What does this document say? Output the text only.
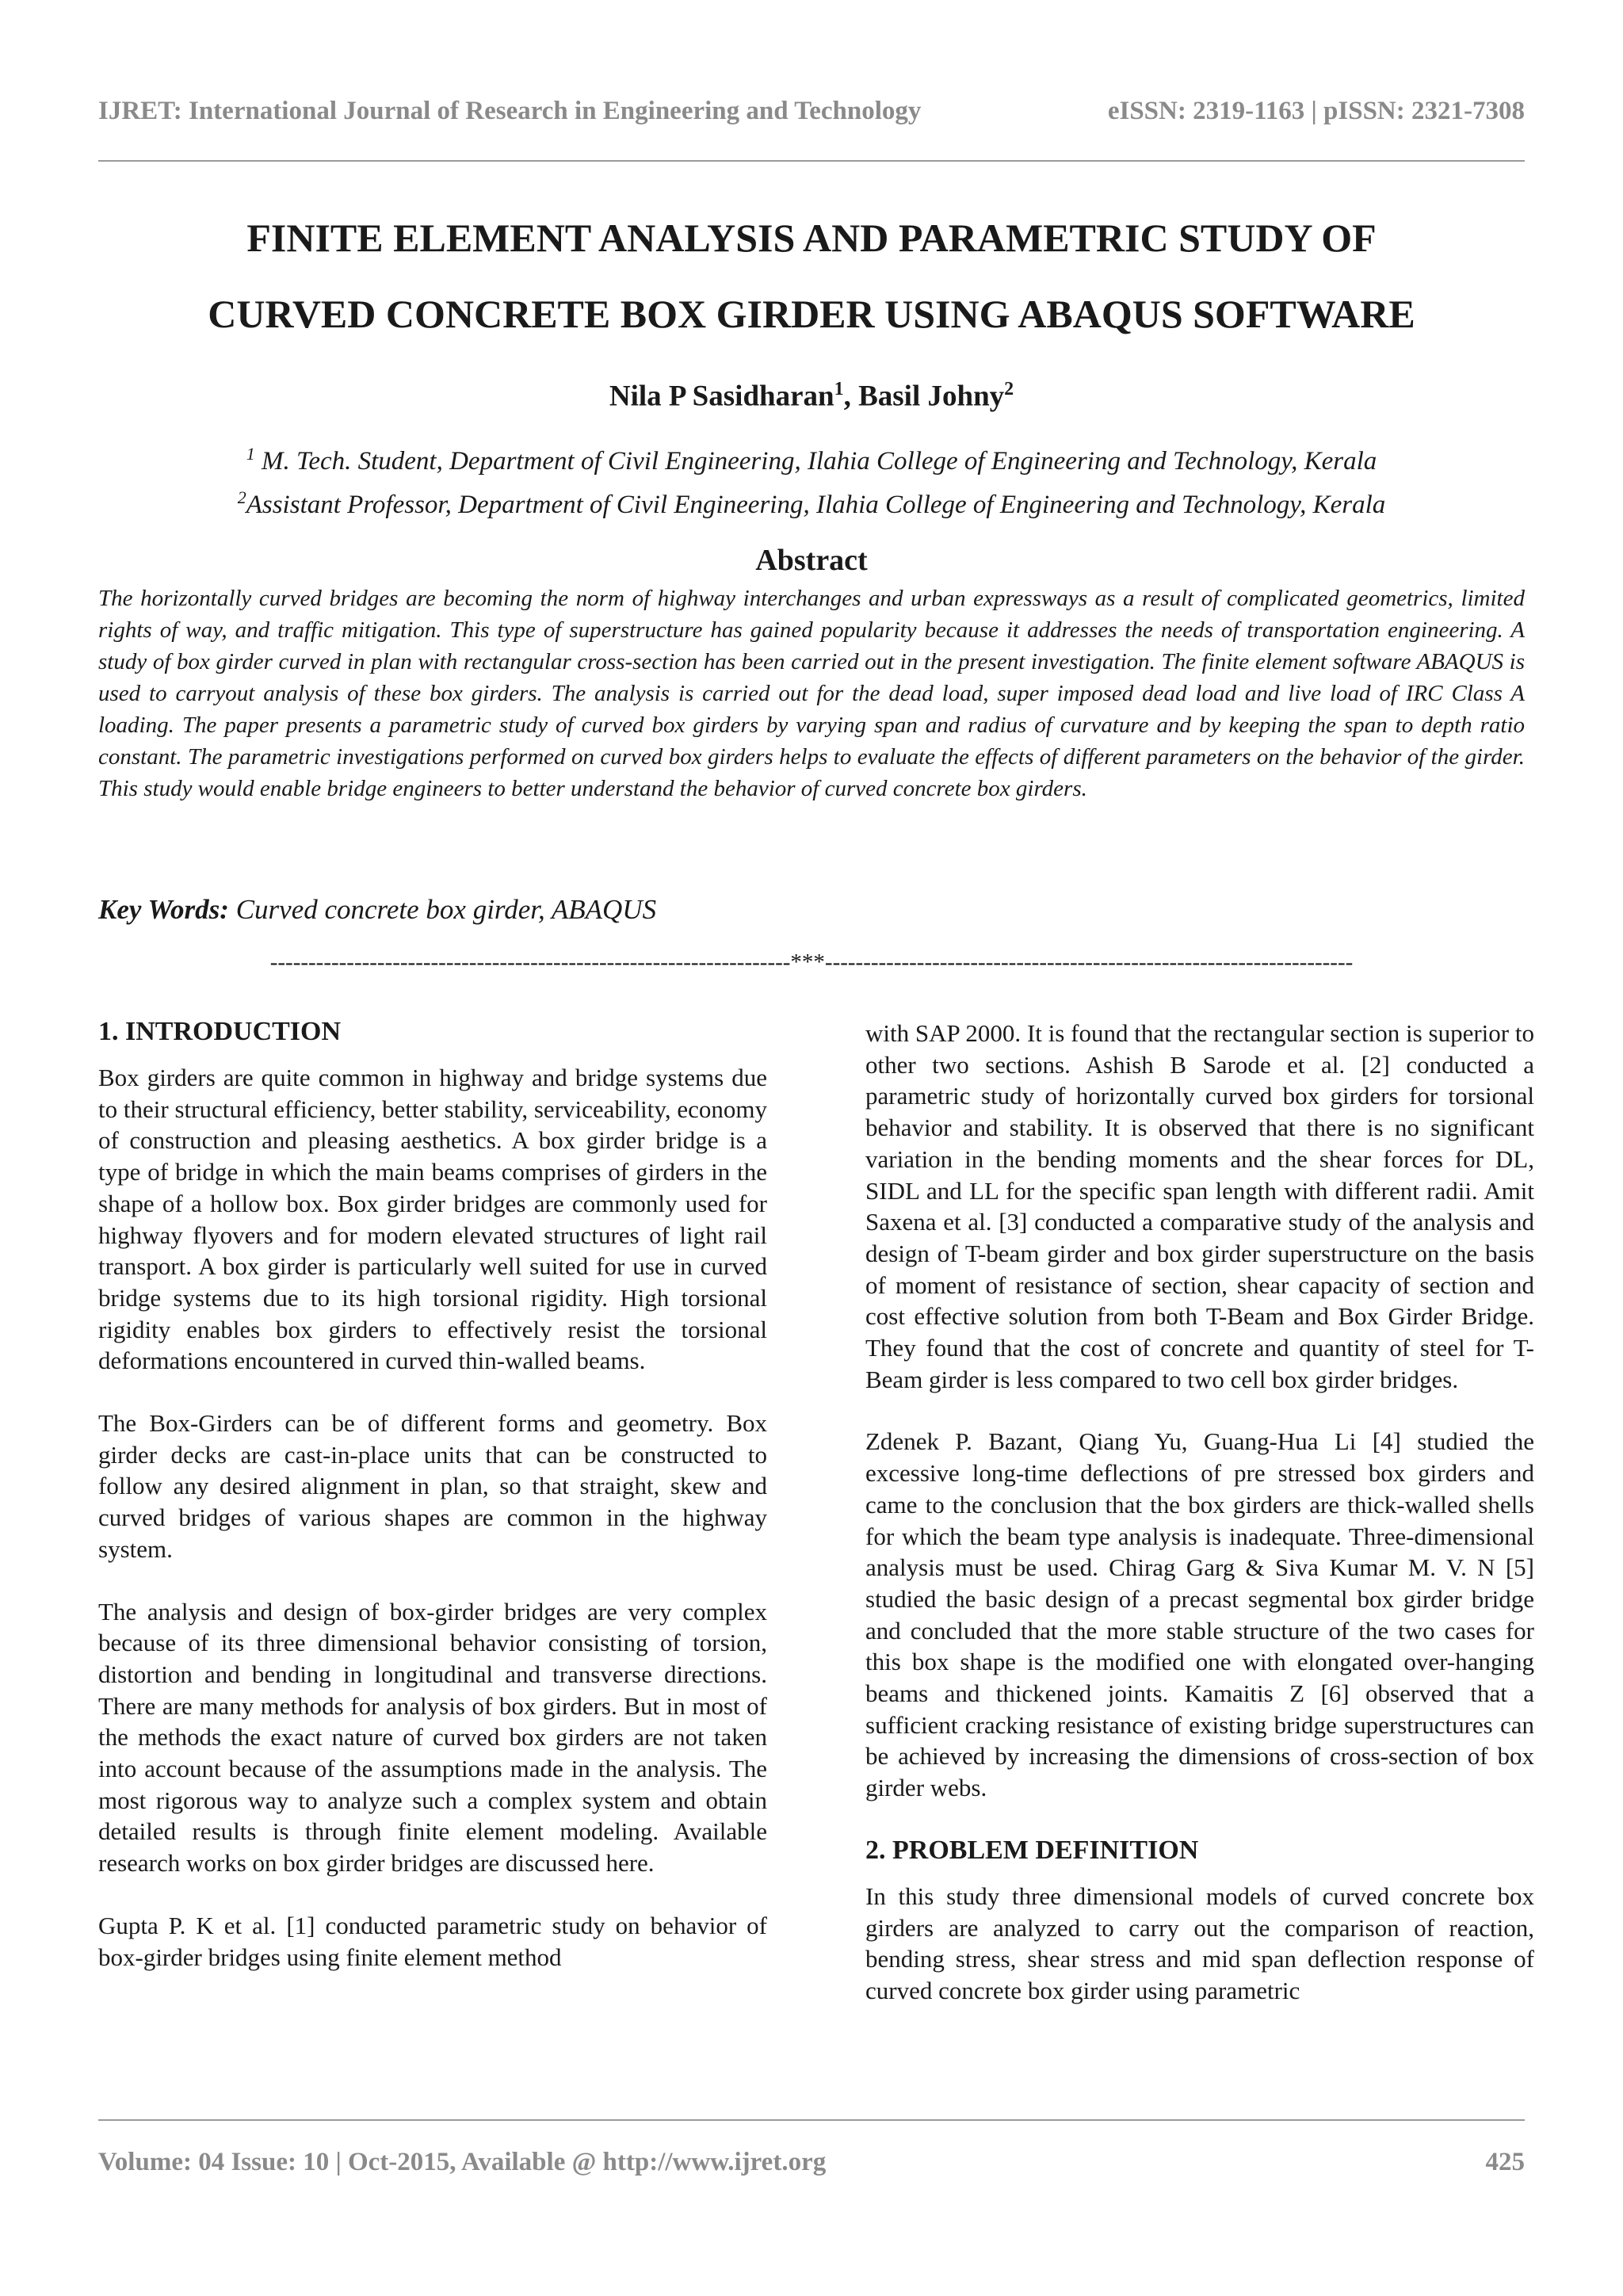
IJRET: International Journal of Research in Engineering and Technology	eISSN: 2319-1163 | pISSN: 2321-7308
FINITE ELEMENT ANALYSIS AND PARAMETRIC STUDY OF
CURVED CONCRETE BOX GIRDER USING ABAQUS SOFTWARE
Nila P Sasidharan$^1$, Basil Johny$^2$
$^1$ M. Tech. Student, Department of Civil Engineering, Ilahia College of Engineering and Technology, Kerala
$^2$Assistant Professor, Department of Civil Engineering, Ilahia College of Engineering and Technology, Kerala
Abstract
The horizontally curved bridges are becoming the norm of highway interchanges and urban expressways as a result of complicated geometrics, limited rights of way, and traffic mitigation. This type of superstructure has gained popularity because it addresses the needs of transportation engineering. A study of box girder curved in plan with rectangular cross-section has been carried out in the present investigation. The finite element software ABAQUS is used to carryout analysis of these box girders. The analysis is carried out for the dead load, super imposed dead load and live load of IRC Class A loading. The paper presents a parametric study of curved box girders by varying span and radius of curvature and by keeping the span to depth ratio constant. The parametric investigations performed on curved box girders helps to evaluate the effects of different parameters on the behavior of the girder. This study would enable bridge engineers to better understand the behavior of curved concrete box girders.
Key Words: Curved concrete box girder, ABAQUS
--------------------------------------------------------------------***---------------------------------------------------------------------
1. INTRODUCTION

Box girders are quite common in highway and bridge systems due to their structural efficiency, better stability, serviceability, economy of construction and pleasing aesthetics. A box girder bridge is a type of bridge in which the main beams comprises of girders in the shape of a hollow box. Box girder bridges are commonly used for highway flyovers and for modern elevated structures of light rail transport. A box girder is particularly well suited for use in curved bridge systems due to its high torsional rigidity. High torsional rigidity enables box girders to effectively resist the torsional deformations encountered in curved thin-walled beams.

The Box-Girders can be of different forms and geometry. Box girder decks are cast-in-place units that can be constructed to follow any desired alignment in plan, so that straight, skew and curved bridges of various shapes are common in the highway system.

The analysis and design of box-girder bridges are very complex because of its three dimensional behavior consisting of torsion, distortion and bending in longitudinal and transverse directions. There are many methods for analysis of box girders. But in most of the methods the exact nature of curved box girders are not taken into account because of the assumptions made in the analysis. The most rigorous way to analyze such a complex system and obtain detailed results is through finite element modeling. Available research works on box girder bridges are discussed here.

Gupta P. K et al. [1] conducted parametric study on behavior of box-girder bridges using finite element method

with SAP 2000. It is found that the rectangular section is superior to other two sections. Ashish B Sarode et al. [2] conducted a parametric study of horizontally curved box girders for torsional behavior and stability. It is observed that there is no significant variation in the bending moments and the shear forces for DL, SIDL and LL for the specific span length with different radii. Amit Saxena et al. [3] conducted a comparative study of the analysis and design of T-beam girder and box girder superstructure on the basis of moment of resistance of section, shear capacity of section and cost effective solution from both T-Beam and Box Girder Bridge. They found that the cost of concrete and quantity of steel for T- Beam girder is less compared to two cell box girder bridges.

Zdenek P. Bazant, Qiang Yu, Guang-Hua Li [4] studied the excessive long-time deflections of pre stressed box girders and came to the conclusion that the box girders are thick-walled shells for which the beam type analysis is inadequate. Three-dimensional analysis must be used. Chirag Garg & Siva Kumar M. V. N [5] studied the basic design of a precast segmental box girder bridge and concluded that the more stable structure of the two cases for this box shape is the modified one with elongated over-hanging beams and thickened joints. Kamaitis Z [6] observed that a sufficient cracking resistance of existing bridge superstructures can be achieved by increasing the dimensions of cross-section of box girder webs.

2. PROBLEM DEFINITION

In this study three dimensional models of curved concrete box girders are analyzed to carry out the comparison of reaction, bending stress, shear stress and mid span deflection response of curved concrete box girder using parametric

Volume: 04 Issue: 10 | Oct-2015, Available @ http://www.ijret.org	425
